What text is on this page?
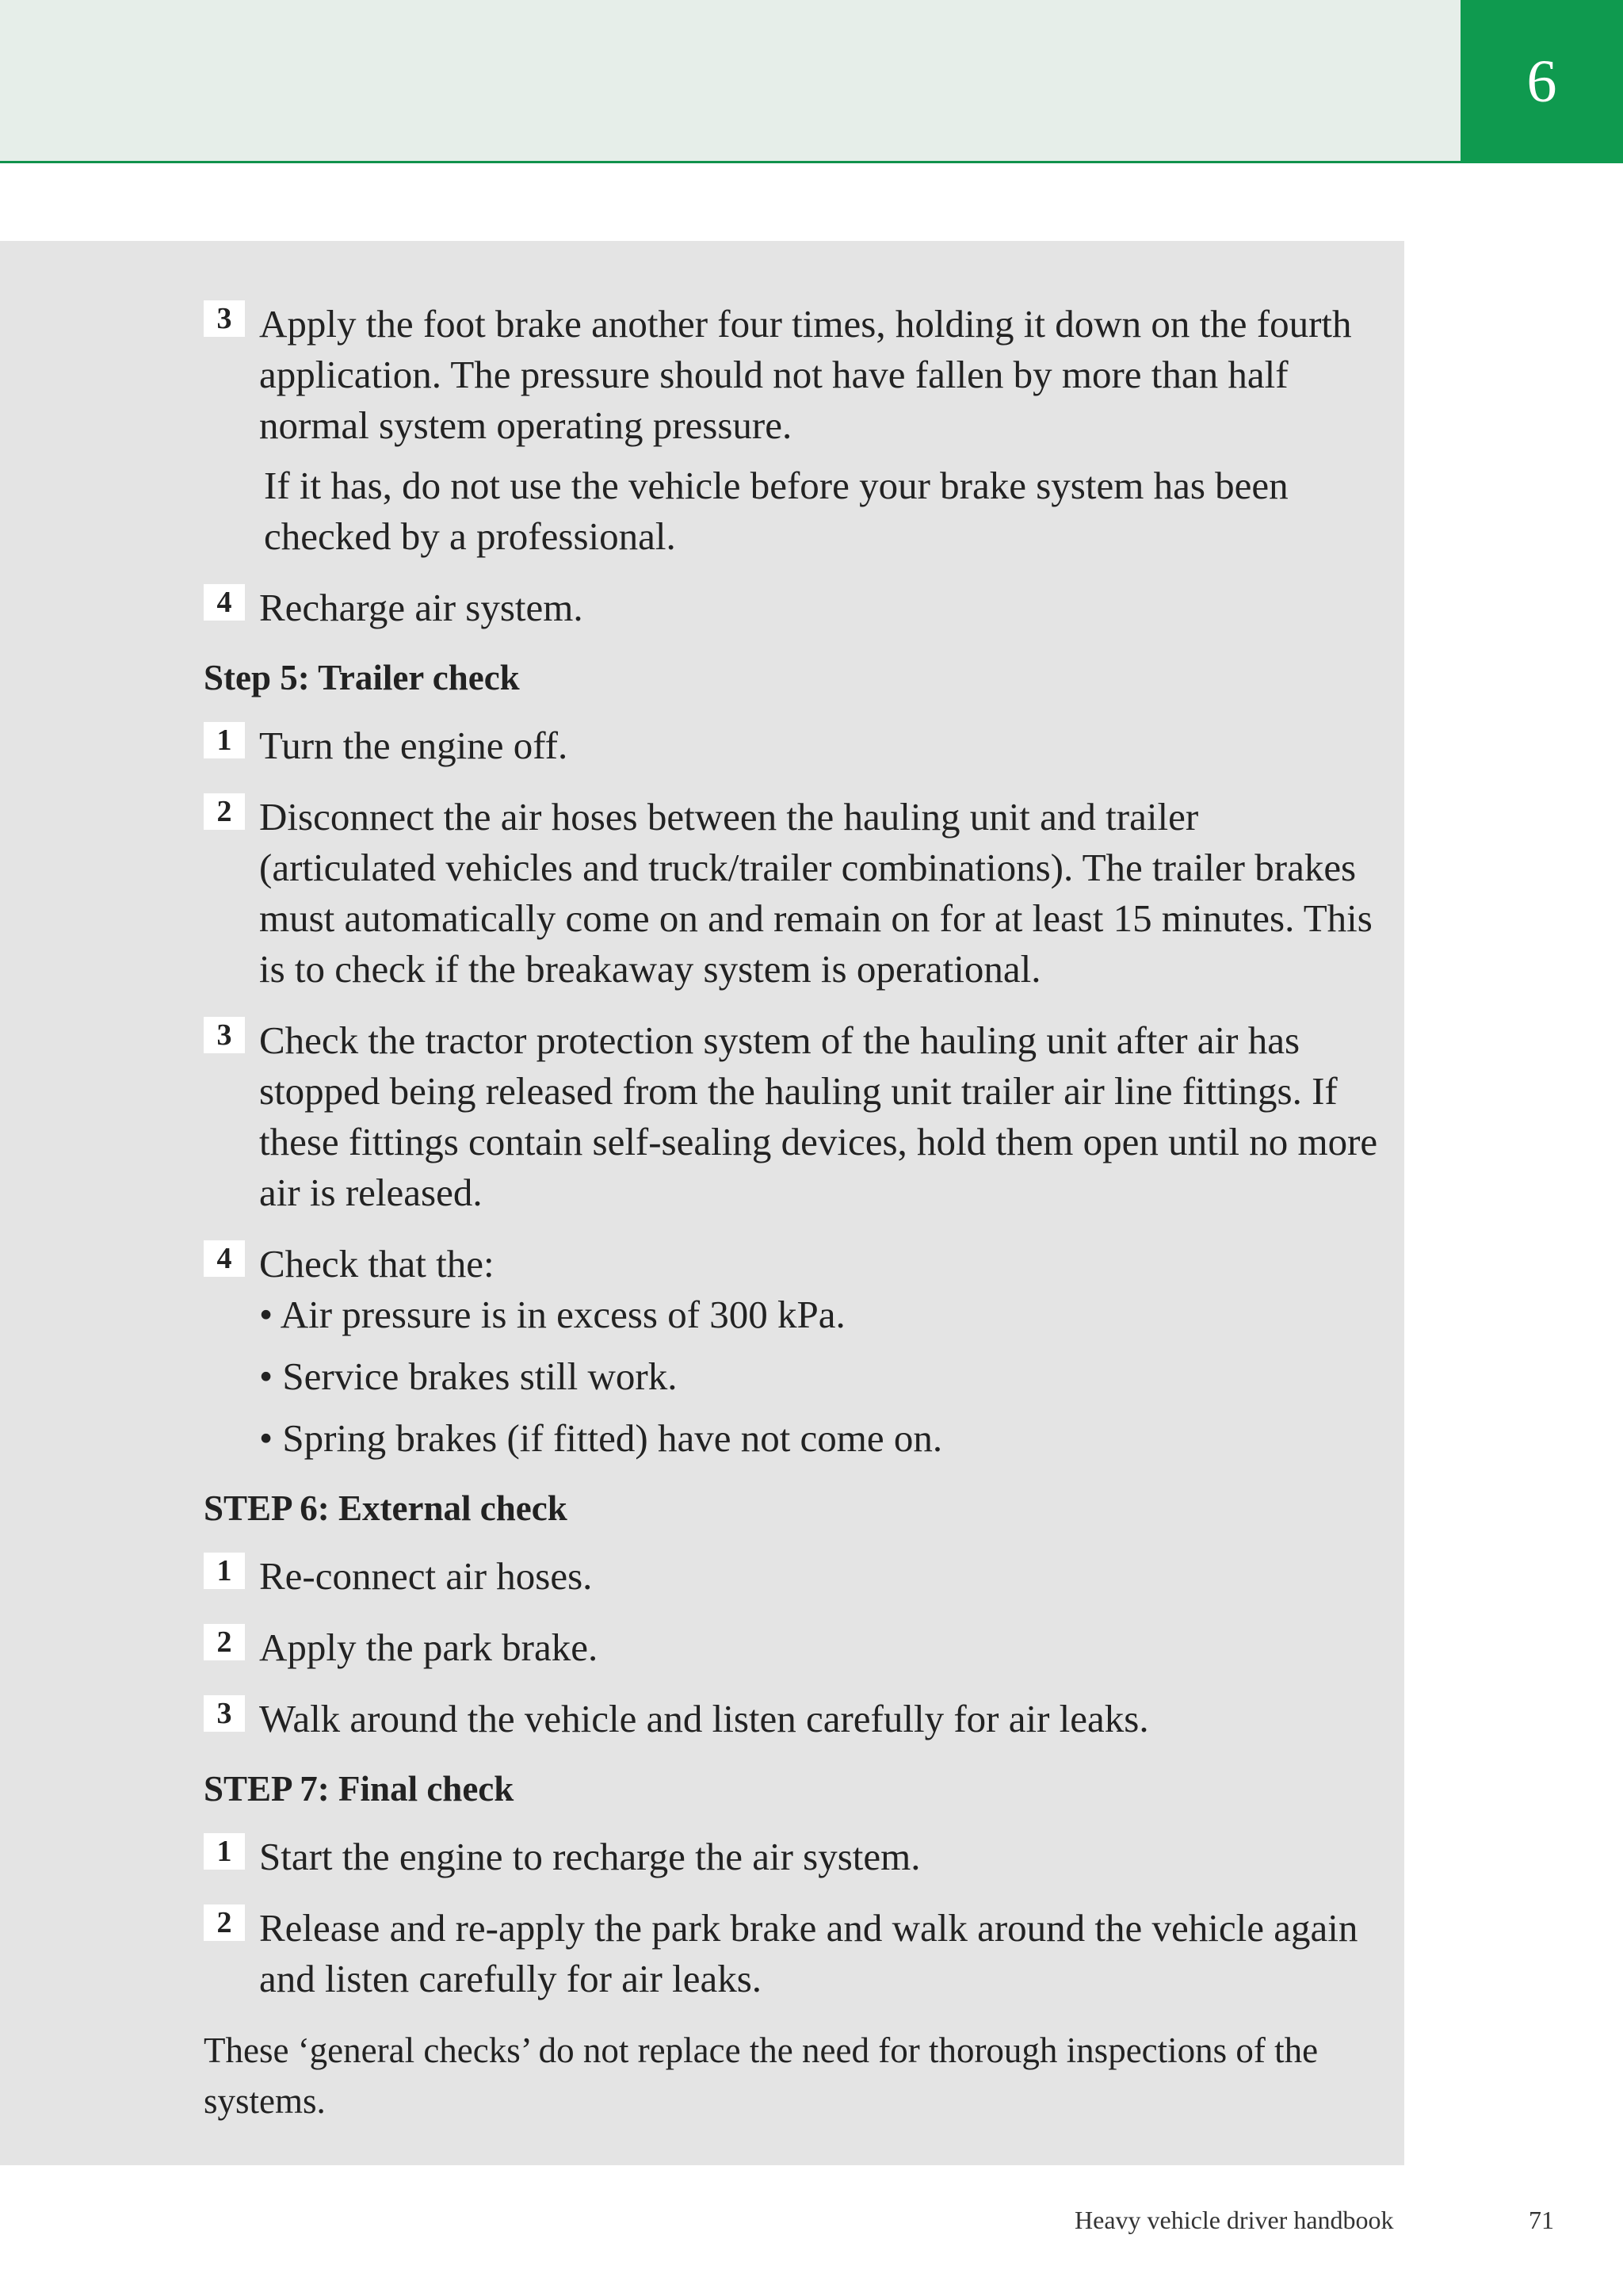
6
3 Apply the foot brake another four times, holding it down on the fourth application. The pressure should not have fallen by more than half normal system operating pressure.

If it has, do not use the vehicle before your brake system has been checked by a professional.

4 Recharge air system.

Step 5: Trailer check
1 Turn the engine off.

2 Disconnect the air hoses between the hauling unit and trailer (articulated vehicles and truck/trailer combinations). The trailer brakes must automatically come on and remain on for at least 15 minutes. This is to check if the breakaway system is operational.

3 Check the tractor protection system of the hauling unit after air has stopped being released from the hauling unit trailer air line fittings. If these fittings contain self-sealing devices, hold them open until no more air is released.

4 Check that the:

• Air pressure is in excess of 300 kPa.
• Service brakes still work.
• Spring brakes (if fitted) have not come on.
STEP 6: External check
1 Re-connect air hoses.

2 Apply the park brake.

3 Walk around the vehicle and listen carefully for air leaks.

STEP 7: Final check
1 Start the engine to recharge the air system.

2 Release and re-apply the park brake and walk around the vehicle again and listen carefully for air leaks.

These ‘general checks’ do not replace the need for thorough inspections of the systems.

Heavy vehicle driver handbook	71
